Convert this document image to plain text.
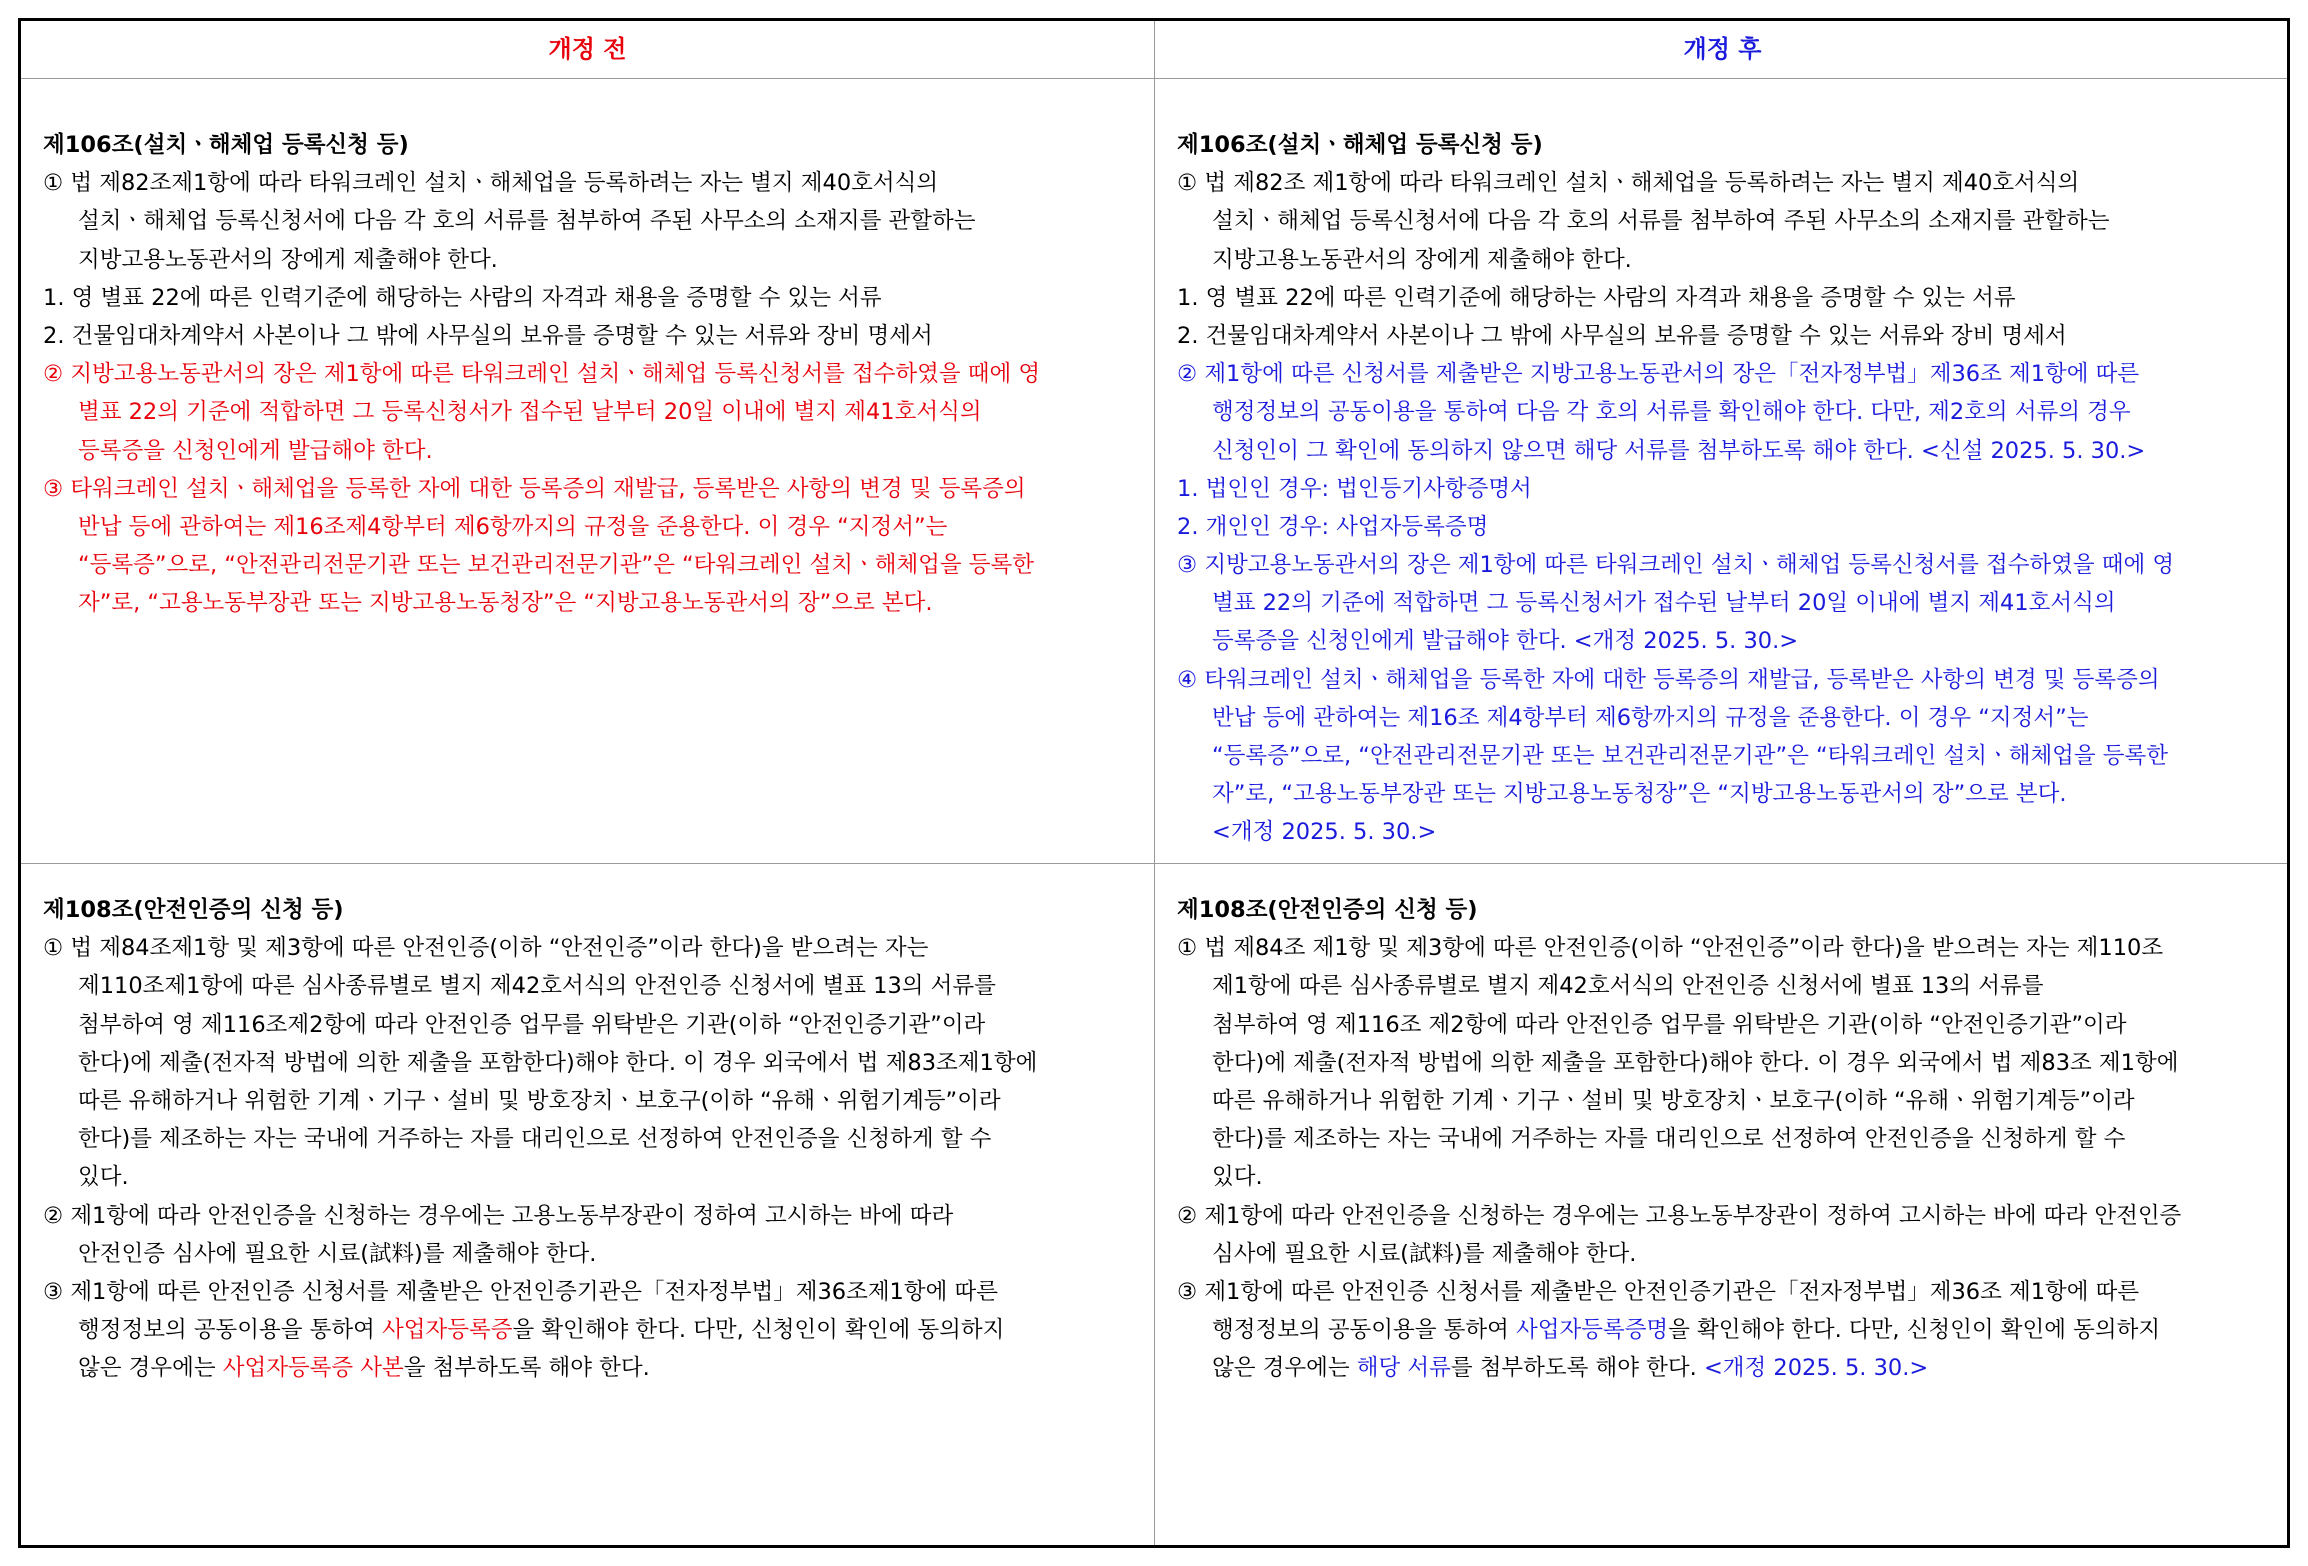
개정 전	개정 후
제106조(설치ㆍ해체업 등록신청 등)
① 법 제82조제1항에 따라 타워크레인 설치ㆍ해체업을 등록하려는 자는 별지 제40호서식의
설치ㆍ해체업 등록신청서에 다음 각 호의 서류를 첨부하여 주된 사무소의 소재지를 관할하는
지방고용노동관서의 장에게 제출해야 한다.
1. 영 별표 22에 따른 인력기준에 해당하는 사람의 자격과 채용을 증명할 수 있는 서류
2. 건물임대차계약서 사본이나 그 밖에 사무실의 보유를 증명할 수 있는 서류와 장비 명세서
② 지방고용노동관서의 장은 제1항에 따른 타워크레인 설치ㆍ해체업 등록신청서를 접수하였을 때에 영
별표 22의 기준에 적합하면 그 등록신청서가 접수된 날부터 20일 이내에 별지 제41호서식의
등록증을 신청인에게 발급해야 한다.
③ 타워크레인 설치ㆍ해체업을 등록한 자에 대한 등록증의 재발급, 등록받은 사항의 변경 및 등록증의
반납 등에 관하여는 제16조제4항부터 제6항까지의 규정을 준용한다. 이 경우 “지정서”는
“등록증”으로, “안전관리전문기관 또는 보건관리전문기관”은 “타워크레인 설치ㆍ해체업을 등록한
자”로, “고용노동부장관 또는 지방고용노동청장”은 “지방고용노동관서의 장”으로 본다.
제106조(설치ㆍ해체업 등록신청 등)
① 법 제82조 제1항에 따라 타워크레인 설치ㆍ해체업을 등록하려는 자는 별지 제40호서식의
설치ㆍ해체업 등록신청서에 다음 각 호의 서류를 첨부하여 주된 사무소의 소재지를 관할하는
지방고용노동관서의 장에게 제출해야 한다.
1. 영 별표 22에 따른 인력기준에 해당하는 사람의 자격과 채용을 증명할 수 있는 서류
2. 건물임대차계약서 사본이나 그 밖에 사무실의 보유를 증명할 수 있는 서류와 장비 명세서
② 제1항에 따른 신청서를 제출받은 지방고용노동관서의 장은「전자정부법」제36조 제1항에 따른
행정정보의 공동이용을 통하여 다음 각 호의 서류를 확인해야 한다. 다만, 제2호의 서류의 경우
신청인이 그 확인에 동의하지 않으면 해당 서류를 첨부하도록 해야 한다. <신설 2025. 5. 30.>
1. 법인인 경우: 법인등기사항증명서
2. 개인인 경우: 사업자등록증명
③ 지방고용노동관서의 장은 제1항에 따른 타워크레인 설치ㆍ해체업 등록신청서를 접수하였을 때에 영
별표 22의 기준에 적합하면 그 등록신청서가 접수된 날부터 20일 이내에 별지 제41호서식의
등록증을 신청인에게 발급해야 한다. <개정 2025. 5. 30.>
④ 타워크레인 설치ㆍ해체업을 등록한 자에 대한 등록증의 재발급, 등록받은 사항의 변경 및 등록증의
반납 등에 관하여는 제16조 제4항부터 제6항까지의 규정을 준용한다. 이 경우 “지정서”는
“등록증”으로, “안전관리전문기관 또는 보건관리전문기관”은 “타워크레인 설치ㆍ해체업을 등록한
자”로, “고용노동부장관 또는 지방고용노동청장”은 “지방고용노동관서의 장”으로 본다.
<개정 2025. 5. 30.>
제108조(안전인증의 신청 등)
① 법 제84조제1항 및 제3항에 따른 안전인증(이하 “안전인증”이라 한다)을 받으려는 자는
제110조제1항에 따른 심사종류별로 별지 제42호서식의 안전인증 신청서에 별표 13의 서류를
첨부하여 영 제116조제2항에 따라 안전인증 업무를 위탁받은 기관(이하 “안전인증기관”이라
한다)에 제출(전자적 방법에 의한 제출을 포함한다)해야 한다. 이 경우 외국에서 법 제83조제1항에
따른 유해하거나 위험한 기계ㆍ기구ㆍ설비 및 방호장치ㆍ보호구(이하 “유해ㆍ위험기계등”이라
한다)를 제조하는 자는 국내에 거주하는 자를 대리인으로 선정하여 안전인증을 신청하게 할 수
있다.
② 제1항에 따라 안전인증을 신청하는 경우에는 고용노동부장관이 정하여 고시하는 바에 따라
안전인증 심사에 필요한 시료(試料)를 제출해야 한다.
③ 제1항에 따른 안전인증 신청서를 제출받은 안전인증기관은「전자정부법」제36조제1항에 따른
행정정보의 공동이용을 통하여 사업자등록증을 확인해야 한다. 다만, 신청인이 확인에 동의하지
않은 경우에는 사업자등록증 사본을 첨부하도록 해야 한다.
제108조(안전인증의 신청 등)
① 법 제84조 제1항 및 제3항에 따른 안전인증(이하 “안전인증”이라 한다)을 받으려는 자는 제110조
제1항에 따른 심사종류별로 별지 제42호서식의 안전인증 신청서에 별표 13의 서류를
첨부하여 영 제116조 제2항에 따라 안전인증 업무를 위탁받은 기관(이하 “안전인증기관”이라
한다)에 제출(전자적 방법에 의한 제출을 포함한다)해야 한다. 이 경우 외국에서 법 제83조 제1항에
따른 유해하거나 위험한 기계ㆍ기구ㆍ설비 및 방호장치ㆍ보호구(이하 “유해ㆍ위험기계등”이라
한다)를 제조하는 자는 국내에 거주하는 자를 대리인으로 선정하여 안전인증을 신청하게 할 수
있다.
② 제1항에 따라 안전인증을 신청하는 경우에는 고용노동부장관이 정하여 고시하는 바에 따라 안전인증
심사에 필요한 시료(試料)를 제출해야 한다.
③ 제1항에 따른 안전인증 신청서를 제출받은 안전인증기관은「전자정부법」제36조 제1항에 따른
행정정보의 공동이용을 통하여 사업자등록증명을 확인해야 한다. 다만, 신청인이 확인에 동의하지
않은 경우에는 해당 서류를 첨부하도록 해야 한다. <개정 2025. 5. 30.>
